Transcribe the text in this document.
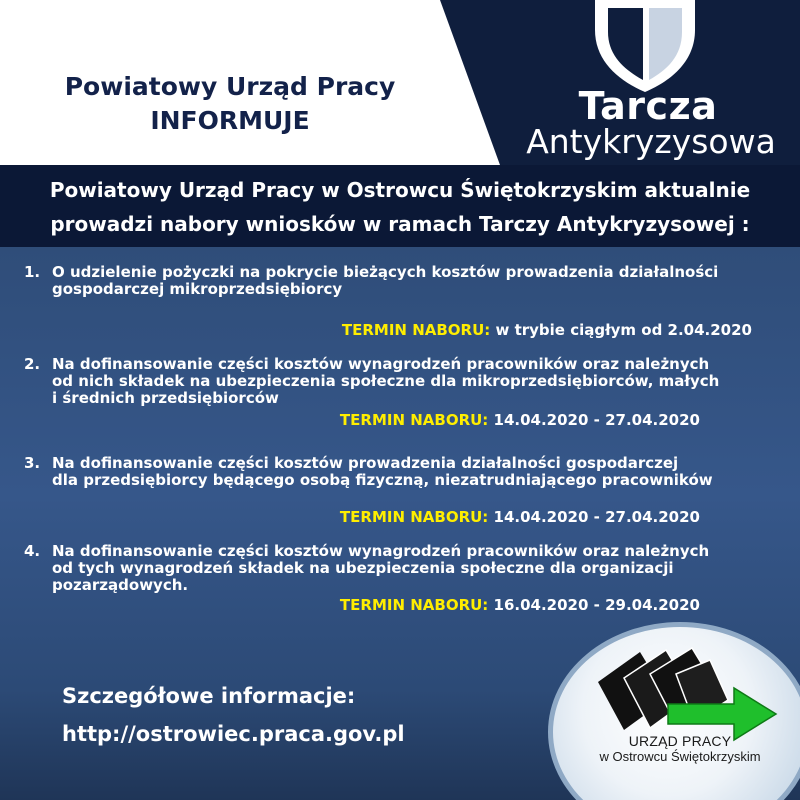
Powiatowy Urząd Pracy
INFORMUJE	Tarcza
Antykryzysowa
Powiatowy Urząd Pracy w Ostrowcu Świętokrzyskim aktualnie
prowadzi nabory wniosków w ramach Tarczy Antykryzysowej :
1. O udzielenie pożyczki na pokrycie bieżących kosztów prowadzenia działalności
gospodarczej mikroprzedsiębiorcy
TERMIN NABORU: w trybie ciągłym od 2.04.2020
2. Na dofinansowanie części kosztów wynagrodzeń pracowników oraz należnych
od nich składek na ubezpieczenia społeczne dla mikroprzedsiębiorców, małych
i średnich przedsiębiorców
TERMIN NABORU: 14.04.2020 - 27.04.2020
3. Na dofinansowanie części kosztów prowadzenia działalności gospodarczej
dla przedsiębiorcy będącego osobą fizyczną, niezatrudniającego pracowników
TERMIN NABORU: 14.04.2020 - 27.04.2020
4. Na dofinansowanie części kosztów wynagrodzeń pracowników oraz należnych
od tych wynagrodzeń składek na ubezpieczenia społeczne dla organizacji
pozarządowych.
TERMIN NABORU: 16.04.2020 - 29.04.2020
Szczegółowe informacje:
http://ostrowiec.praca.gov.pl	URZĄD PRACY
w Ostrowcu Świętokrzyskim
